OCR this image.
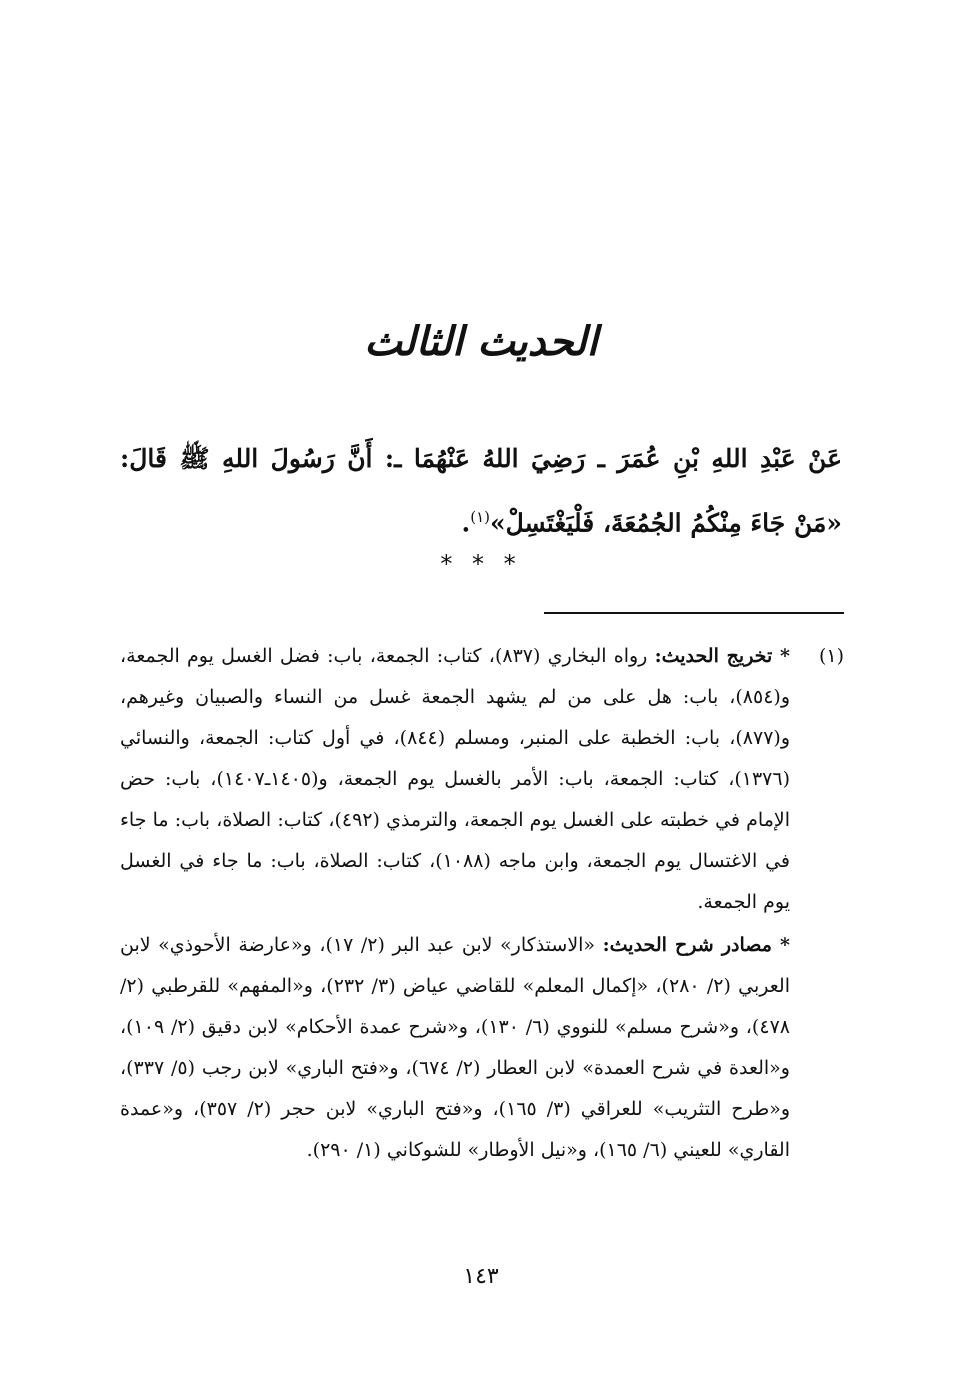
الحديث الثالث
عَنْ عَبْدِ اللهِ بْنِ عُمَرَ ـ رَضِيَ اللهُ عَنْهُمَا ـ: أَنَّ رَسُولَ اللهِ ﷺ قَالَ: «مَنْ جَاءَ مِنْكُمُ الجُمُعَةَ، فَلْيَغْتَسِلْ»$^{(١)}$.
* * *
(١)

* تخريج الحديث: رواه البخاري (٨٣٧)، كتاب: الجمعة، باب: فضل الغسل يوم الجمعة، و(٨٥٤)، باب: هل على من لم يشهد الجمعة غسل من النساء والصبيان وغيرهم، و(٨٧٧)، باب: الخطبة على المنبر، ومسلم (٨٤٤)، في أول كتاب: الجمعة، والنسائي (١٣٧٦)، كتاب: الجمعة، باب: الأمر بالغسل يوم الجمعة، و(١٤٠٥ـ١٤٠٧)، باب: حض الإمام في خطبته على الغسل يوم الجمعة، والترمذي (٤٩٢)، كتاب: الصلاة، باب: ما جاء في الاغتسال يوم الجمعة، وابن ماجه (١٠٨٨)، كتاب: الصلاة، باب: ما جاء في الغسل يوم الجمعة.

* مصادر شرح الحديث: «الاستذكار» لابن عبد البر (٢/ ١٧)، و«عارضة الأحوذي» لابن العربي (٢/ ٢٨٠)، «إكمال المعلم» للقاضي عياض (٣/ ٢٣٢)، و«المفهم» للقرطبي (٢/ ٤٧٨)، و«شرح مسلم» للنووي (٦/ ١٣٠)، و«شرح عمدة الأحكام» لابن دقيق (٢/ ١٠٩)، و«العدة في شرح العمدة» لابن العطار (٢/ ٦٧٤)، و«فتح الباري» لابن رجب (٥/ ٣٣٧)، و«طرح التثريب» للعراقي (٣/ ١٦٥)، و«فتح الباري» لابن حجر (٢/ ٣٥٧)، و«عمدة القاري» للعيني (٦/ ١٦٥)، و«نيل الأوطار» للشوكاني (١/ ٢٩٠).

١٤٣
